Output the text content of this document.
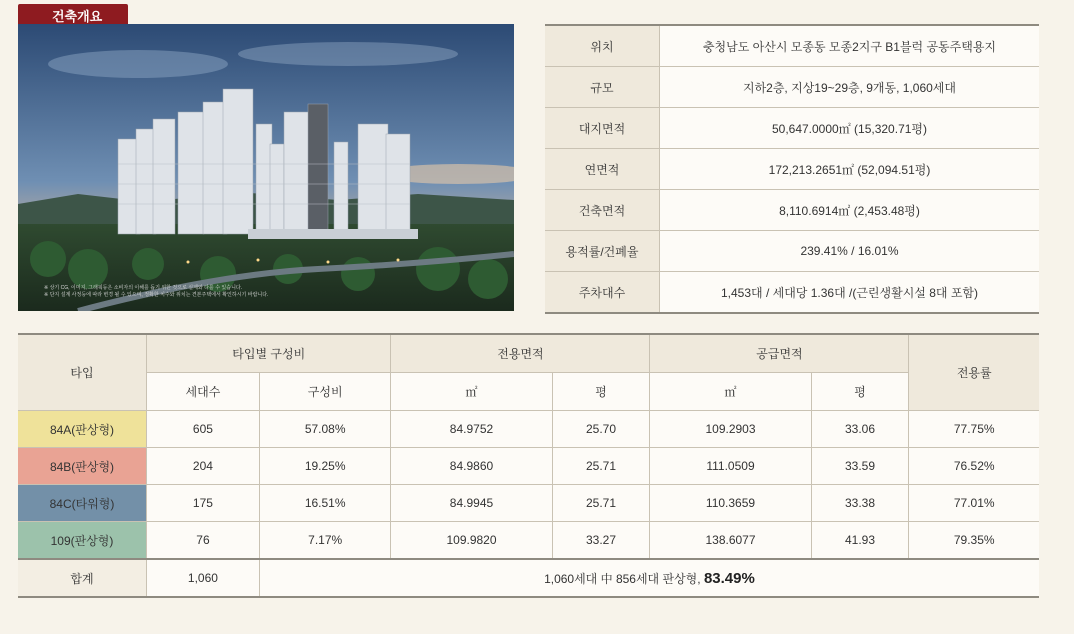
건축개요
※ 상기 CG, 이미지, 그래픽등은 소비자의 이해를 돕기 위한 것으로 실제와 다를 수 있습니다.
※ 단지 설계 사정등에 따라 변경 될 수 있으며, 정확한 치수와 위치는 견본주택에서 확인하시기 바랍니다.
위치	충청남도 아산시 모종동 모종2지구 B1블럭 공동주택용지
규모	지하2층, 지상19~29층, 9개동, 1,060세대
대지면적	50,647.0000㎡ (15,320.71평)
연면적	172,213.2651㎡ (52,094.51평)
건축면적	8,110.6914㎡ (2,453.48평)
용적률/건폐율	239.41% / 16.01%
주차대수	1,453대 / 세대당 1.36대 /(근린생활시설 8대 포함)
타입	타입별 구성비		전용면적		공급면적		전용률
	세대수	구성비	㎡	평	㎡	평	
84A(판상형)	605	57.08%	84.9752	25.70	109.2903	33.06	77.75%
84B(판상형)	204	19.25%	84.9860	25.71	111.0509	33.59	76.52%
84C(타워형)	175	16.51%	84.9945	25.71	110.3659	33.38	77.01%
109(판상형)	76	7.17%	109.9820	33.27	138.6077	41.93	79.35%
합계	1,060	1,060세대 中 856세대 판상형, 83.49%					
